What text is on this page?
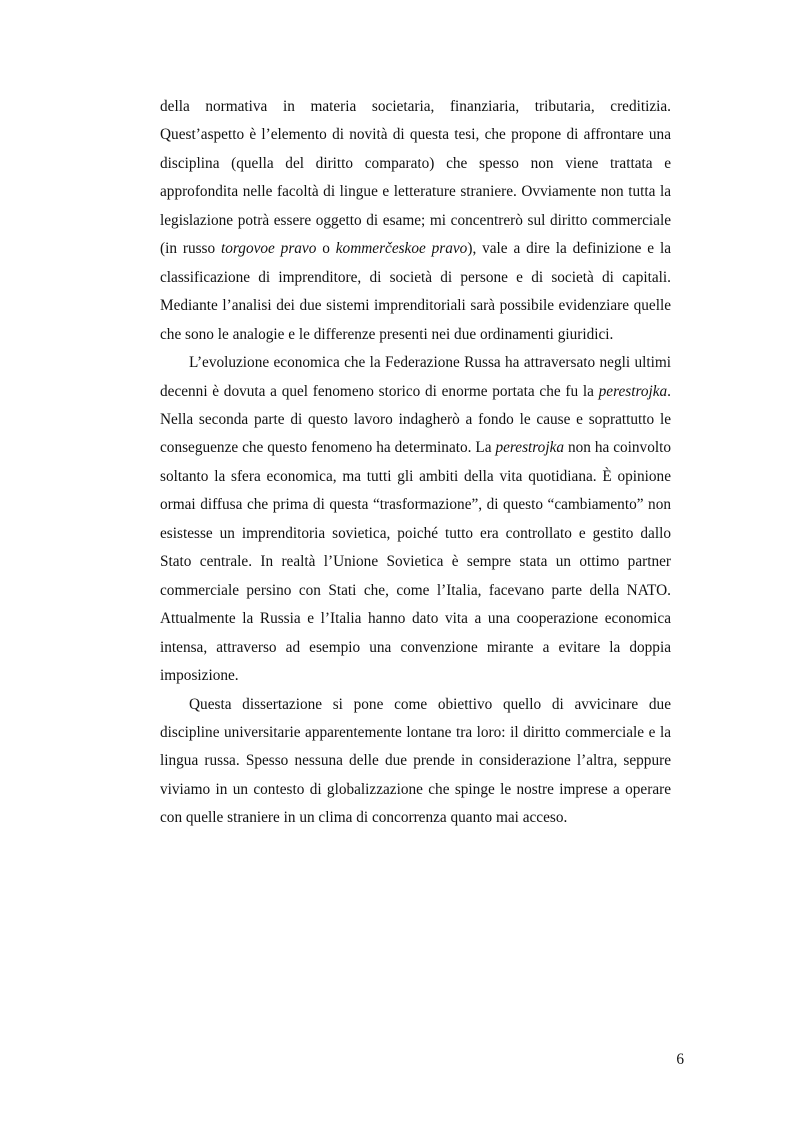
della normativa in materia societaria, finanziaria, tributaria, creditizia. Quest’aspetto è l’elemento di novità di questa tesi, che propone di affrontare una disciplina (quella del diritto comparato) che spesso non viene trattata e approfondita nelle facoltà di lingue e letterature straniere. Ovviamente non tutta la legislazione potrà essere oggetto di esame; mi concentrerò sul diritto commerciale (in russo torgovoe pravo o kommerčeskoe pravo), vale a dire la definizione e la classificazione di imprenditore, di società di persone e di società di capitali. Mediante l’analisi dei due sistemi imprenditoriali sarà possibile evidenziare quelle che sono le analogie e le differenze presenti nei due ordinamenti giuridici.

L’evoluzione economica che la Federazione Russa ha attraversato negli ultimi decenni è dovuta a quel fenomeno storico di enorme portata che fu la perestrojka. Nella seconda parte di questo lavoro indagherò a fondo le cause e soprattutto le conseguenze che questo fenomeno ha determinato. La perestrojka non ha coinvolto soltanto la sfera economica, ma tutti gli ambiti della vita quotidiana. È opinione ormai diffusa che prima di questa “trasformazione”, di questo “cambiamento” non esistesse un imprenditoria sovietica, poiché tutto era controllato e gestito dallo Stato centrale. In realtà l’Unione Sovietica è sempre stata un ottimo partner commerciale persino con Stati che, come l’Italia, facevano parte della NATO. Attualmente la Russia e l’Italia hanno dato vita a una cooperazione economica intensa, attraverso ad esempio una convenzione mirante a evitare la doppia imposizione.

Questa dissertazione si pone come obiettivo quello di avvicinare due discipline universitarie apparentemente lontane tra loro: il diritto commerciale e la lingua russa. Spesso nessuna delle due prende in considerazione l’altra, seppure viviamo in un contesto di globalizzazione che spinge le nostre imprese a operare con quelle straniere in un clima di concorrenza quanto mai acceso.

6
